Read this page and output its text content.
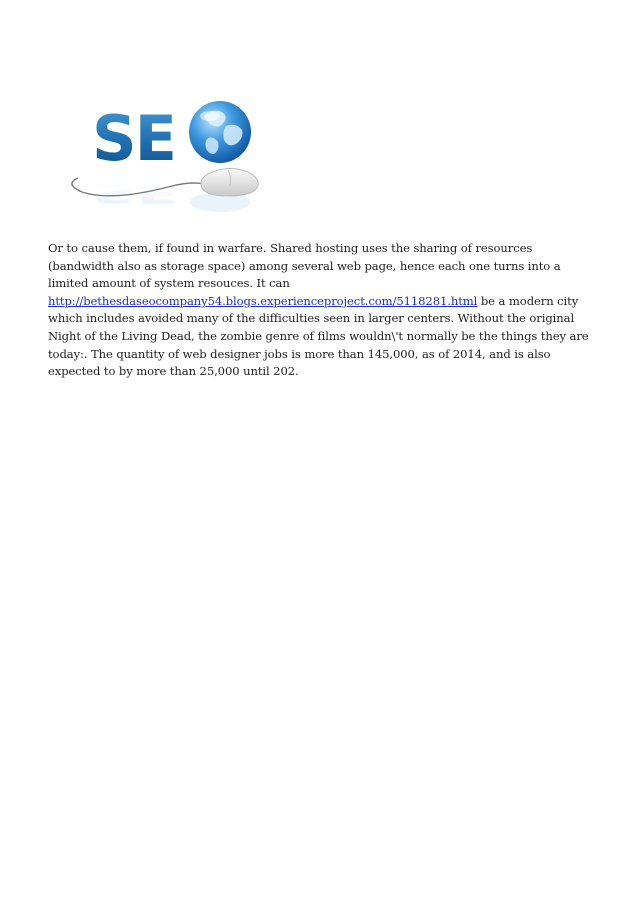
SE
SE

Or to cause them, if found in warfare. Shared hosting uses the sharing of resources (bandwidth also as storage space) among several web page, hence each one turns into a limited amount of system resouces. It can http://bethesdaseocompany54.blogs.experienceproject.com/5118281.html be a modern city which includes avoided many of the difficulties seen in larger centers. Without the original Night of the Living Dead, the zombie genre of films wouldn\'t normally be the things they are today:. The quantity of web designer jobs is more than 145,000, as of 2014, and is also expected to by more than 25,000 until 202.
